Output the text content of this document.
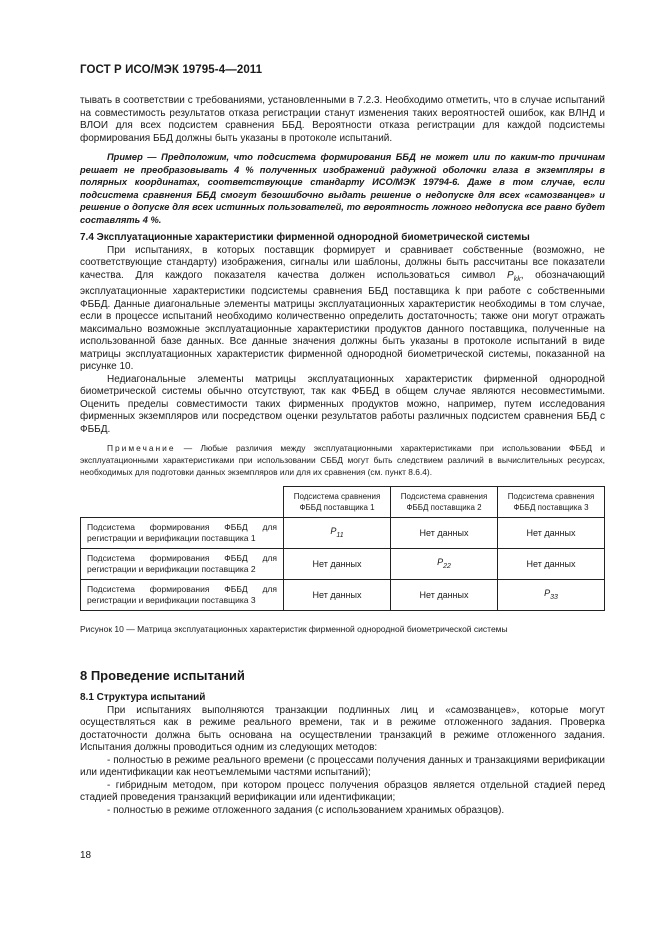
ГОСТ Р ИСО/МЭК 19795-4—2011

тывать в соответствии с требованиями, установленными в 7.2.3. Необходимо отметить, что в случае испытаний на совместимость результатов отказа регистрации станут изменения таких вероятностей ошибок, как ВЛНД и ВЛОИ для всех подсистем сравнения ББД. Вероятности отказа регистрации для каждой подсистемы формирования ББД должны быть указаны в протоколе испытаний.

Пример — Предположим, что подсистема формирования ББД не может или по каким-то причинам решает не преобразовывать 4 % полученных изображений радужной оболочки глаза в экземпляры в полярных координатах, соответствующие стандарту ИСО/МЭК 19794-6. Даже в том случае, если подсистема сравнения ББД смогут безошибочно выдать решение о недопуске для всех «самозванцев» и решение о допуске для всех истинных пользователей, то вероятность ложного недопуска все равно будет составлять 4 %.

7.4 Эксплуатационные характеристики фирменной однородной биометрической системы

При испытаниях, в которых поставщик формирует и сравнивает собственные (возможно, не соответствующие стандарту) изображения, сигналы или шаблоны, должны быть рассчитаны все показатели качества. Для каждого показателя качества должен использоваться символ $P_{kk}$, обозначающий эксплуатационные характеристики подсистемы сравнения ББД поставщика k при работе с собственными ФББД. Данные диагональные элементы матрицы эксплуатационных характеристик необходимы в том случае, если в процессе испытаний необходимо количественно определить достаточность; также они могут отражать максимально возможные эксплуатационные характеристики продуктов данного поставщика, полученные на использованной базе данных. Все данные значения должны быть указаны в протоколе испытаний в виде матрицы эксплуатационных характеристик фирменной однородной биометрической системы, показанной на рисунке 10.

Недиагональные элементы матрицы эксплуатационных характеристик фирменной однородной биометрической системы обычно отсутствуют, так как ФББД в общем случае являются несовместимыми. Оценить пределы совместимости таких фирменных продуктов можно, например, путем исследования фирменных экземпляров или посредством оценки результатов работы различных подсистем сравнения ББД с ФББД.

Примечание — Любые различия между эксплуатационными характеристиками при использовании ФББД и эксплуатационными характеристиками при использовании СББД могут быть следствием различий в вычислительных ресурсах, необходимых для подготовки данных экземпляров или для их сравнения (см. пункт 8.6.4).

	Подсистема сравнения ФББД поставщика 1	Подсистема сравнения ФББД поставщика 2	Подсистема сравнения ФББД поставщика 3
Подсистема формирования ФББД для регистрации и верификации поставщика 1	$P_{11}$	Нет данных	Нет данных
Подсистема формирования ФББД для регистрации и верификации поставщика 2	Нет данных	$P_{22}$	Нет данных
Подсистема формирования ФББД для регистрации и верификации поставщика 3	Нет данных	Нет данных	$P_{33}$

Рисунок 10 — Матрица эксплуатационных характеристик фирменной однородной биометрической системы

8 Проведение испытаний

8.1 Структура испытаний

При испытаниях выполняются транзакции подлинных лиц и «самозванцев», которые могут осуществляться как в режиме реального времени, так и в режиме отложенного задания. Проверка достаточности должна быть основана на осуществлении транзакций в режиме отложенного задания. Испытания должны проводиться одним из следующих методов:

- полностью в режиме реального времени (с процессами получения данных и транзакциями верификации или идентификации как неотъемлемыми частями испытаний);

- гибридным методом, при котором процесс получения образцов является отдельной стадией перед стадией проведения транзакций верификации или идентификации;

- полностью в режиме отложенного задания (с использованием хранимых образцов).

18
